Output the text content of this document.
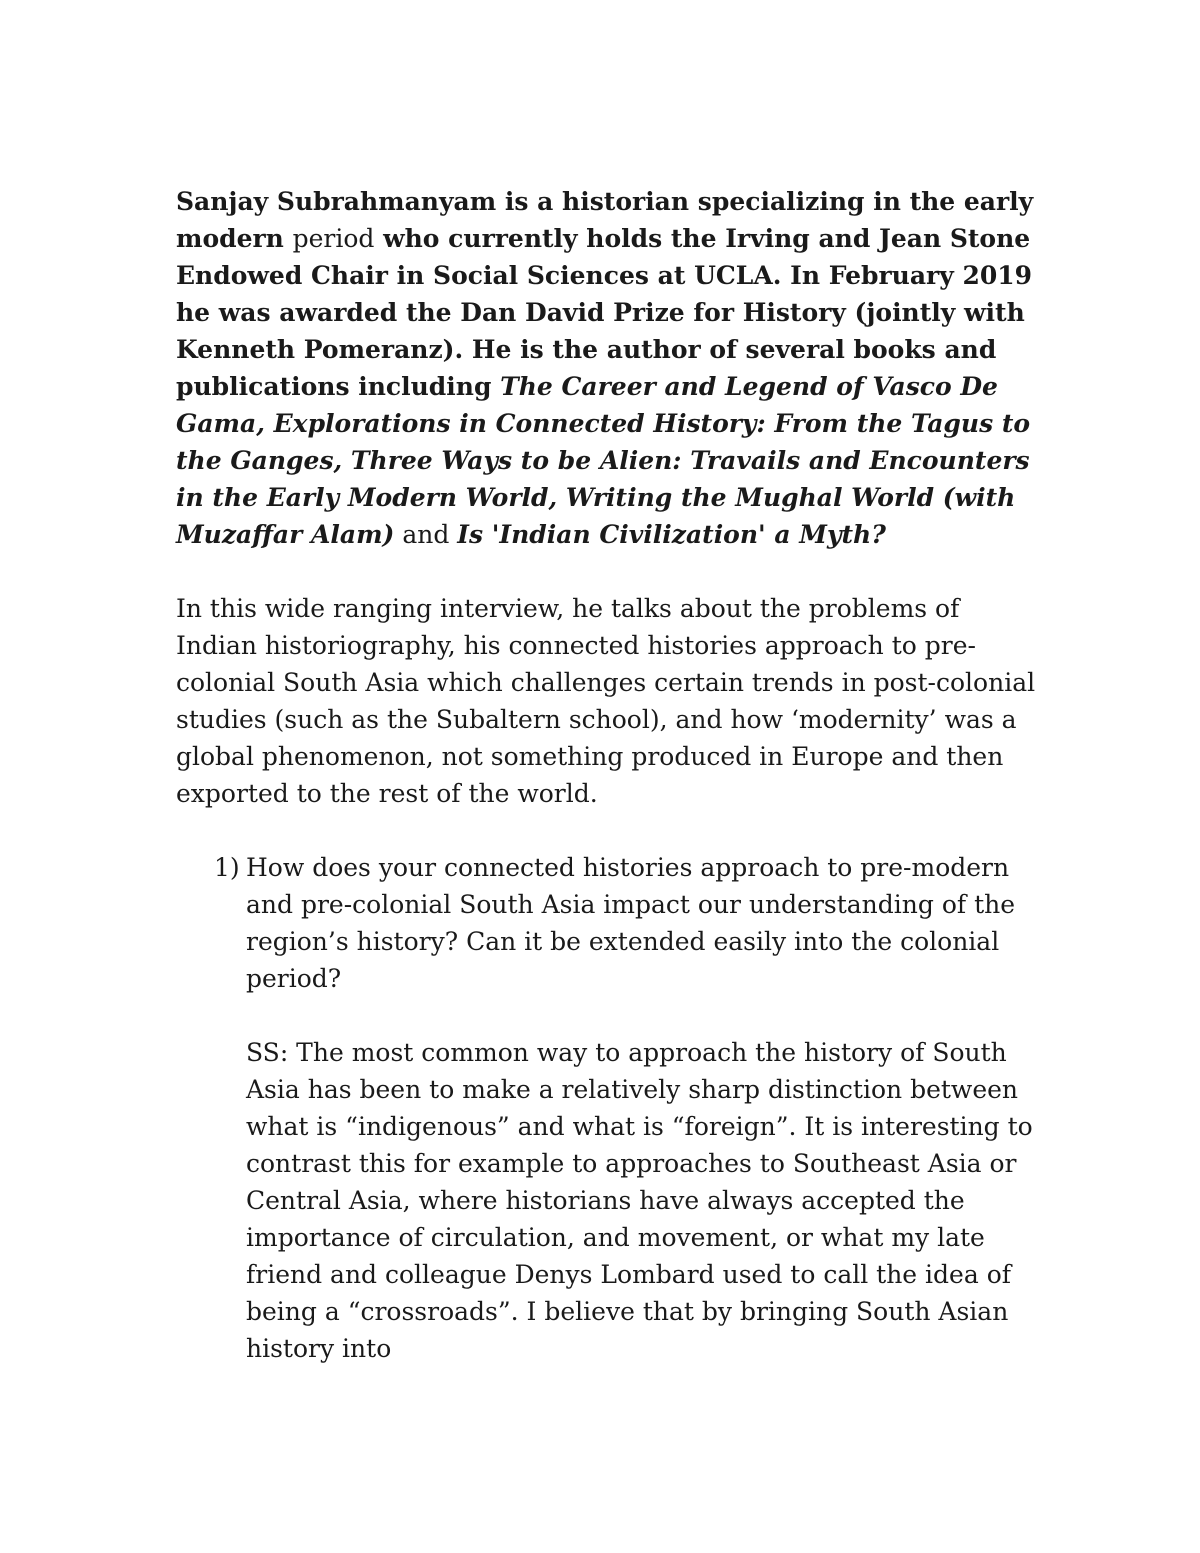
Sanjay Subrahmanyam is a historian specializing in the early modern period who currently holds the Irving and Jean Stone Endowed Chair in Social Sciences at UCLA. In February 2019 he was awarded the Dan David Prize for History (jointly with Kenneth Pomeranz). He is the author of several books and publications including The Career and Legend of Vasco De Gama, Explorations in Connected History: From the Tagus to the Ganges, Three Ways to be Alien: Travails and Encounters in the Early Modern World, Writing the Mughal World (with Muzaffar Alam) and Is 'Indian Civilization' a Myth?

In this wide ranging interview, he talks about the problems of Indian historiography, his connected histories approach to pre-colonial South Asia which challenges certain trends in post-colonial studies (such as the Subaltern school), and how ‘modernity’ was a global phenomenon, not something produced in Europe and then exported to the rest of the world.

1) How does your connected histories approach to pre-modern and pre-colonial South Asia impact our understanding of the region’s history? Can it be extended easily into the colonial period?

SS: The most common way to approach the history of South Asia has been to make a relatively sharp distinction between what is “indigenous” and what is “foreign”. It is interesting to contrast this for example to approaches to Southeast Asia or Central Asia, where historians have always accepted the importance of circulation, and movement, or what my late friend and colleague Denys Lombard used to call the idea of being a “crossroads”. I believe that by bringing South Asian history into
